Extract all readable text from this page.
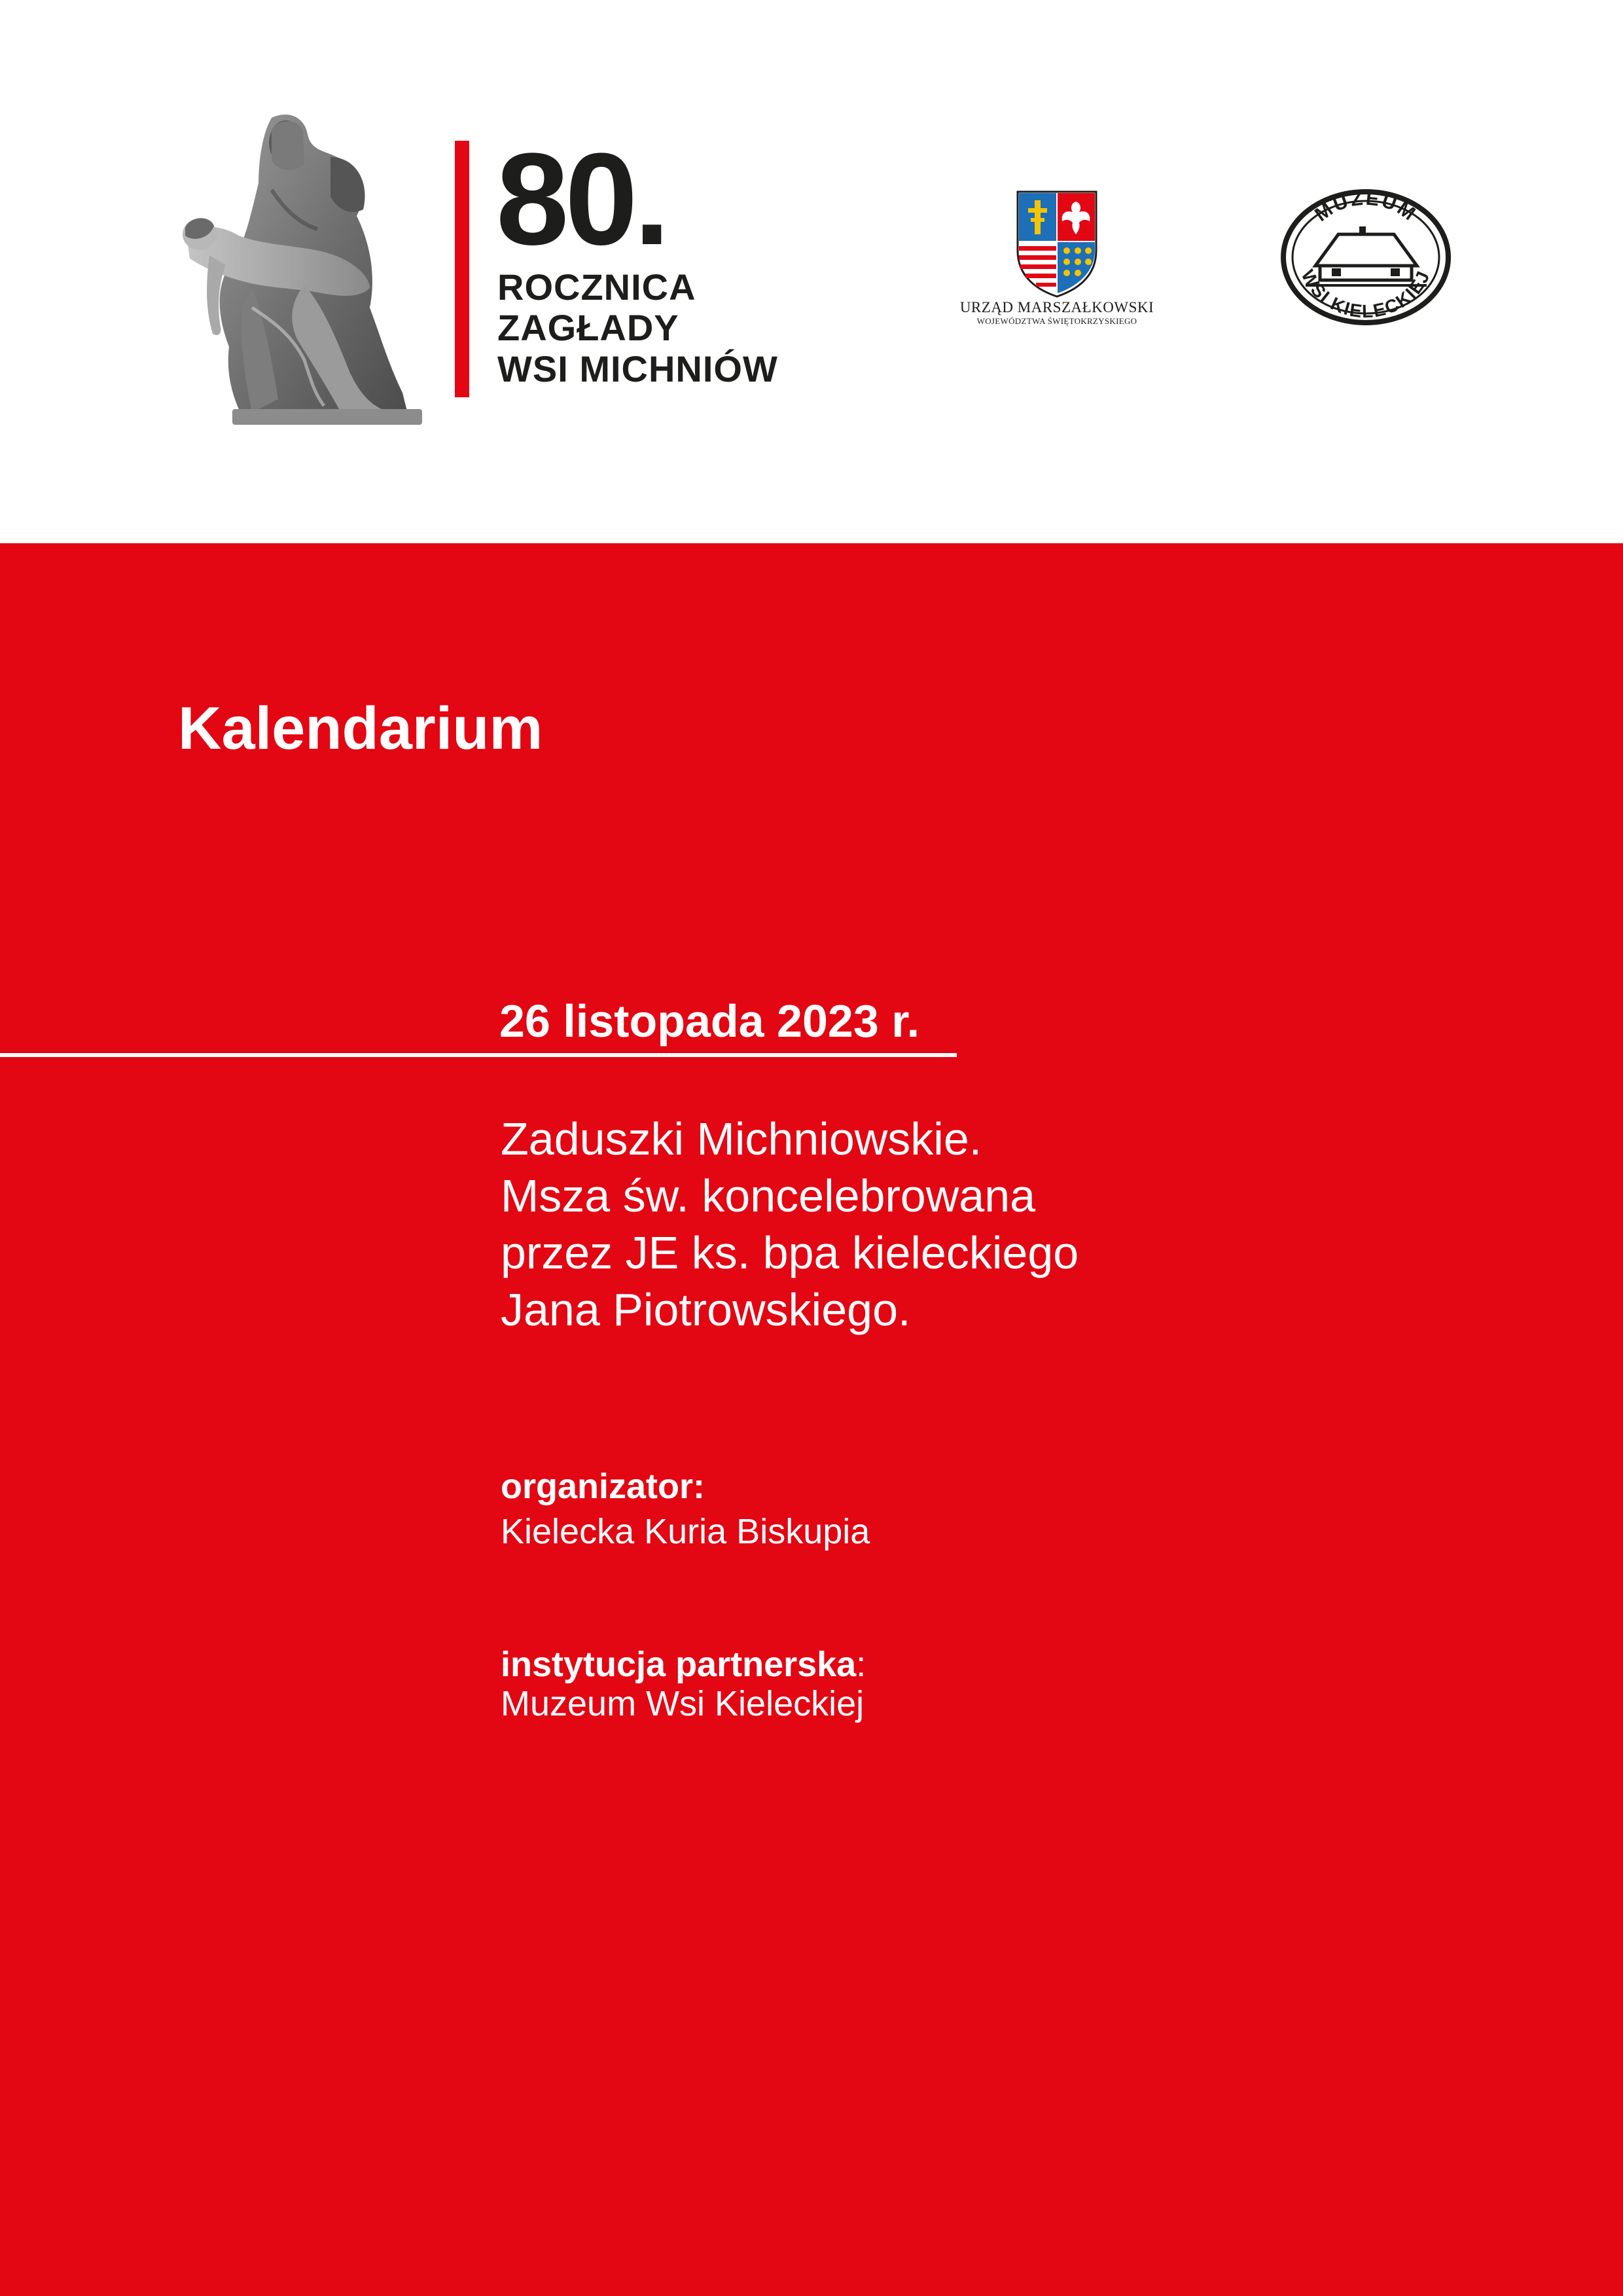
80.
ROCZNICA
ZAGŁADY
WSI MICHNIÓW
URZĄD MARSZAŁKOWSKI
WOJEWÓDZTWA ŚWIĘTOKRZYSKIEGO
MUZEUM
WSI KIELECKIEJ
Kalendarium
26 listopada 2023 r.
Zaduszki Michniowskie.
Msza św. koncelebrowana
przez JE ks. bpa kieleckiego
Jana Piotrowskiego.
organizator:
Kielecka Kuria Biskupia
instytucja partnerska:
Muzeum Wsi Kieleckiej
